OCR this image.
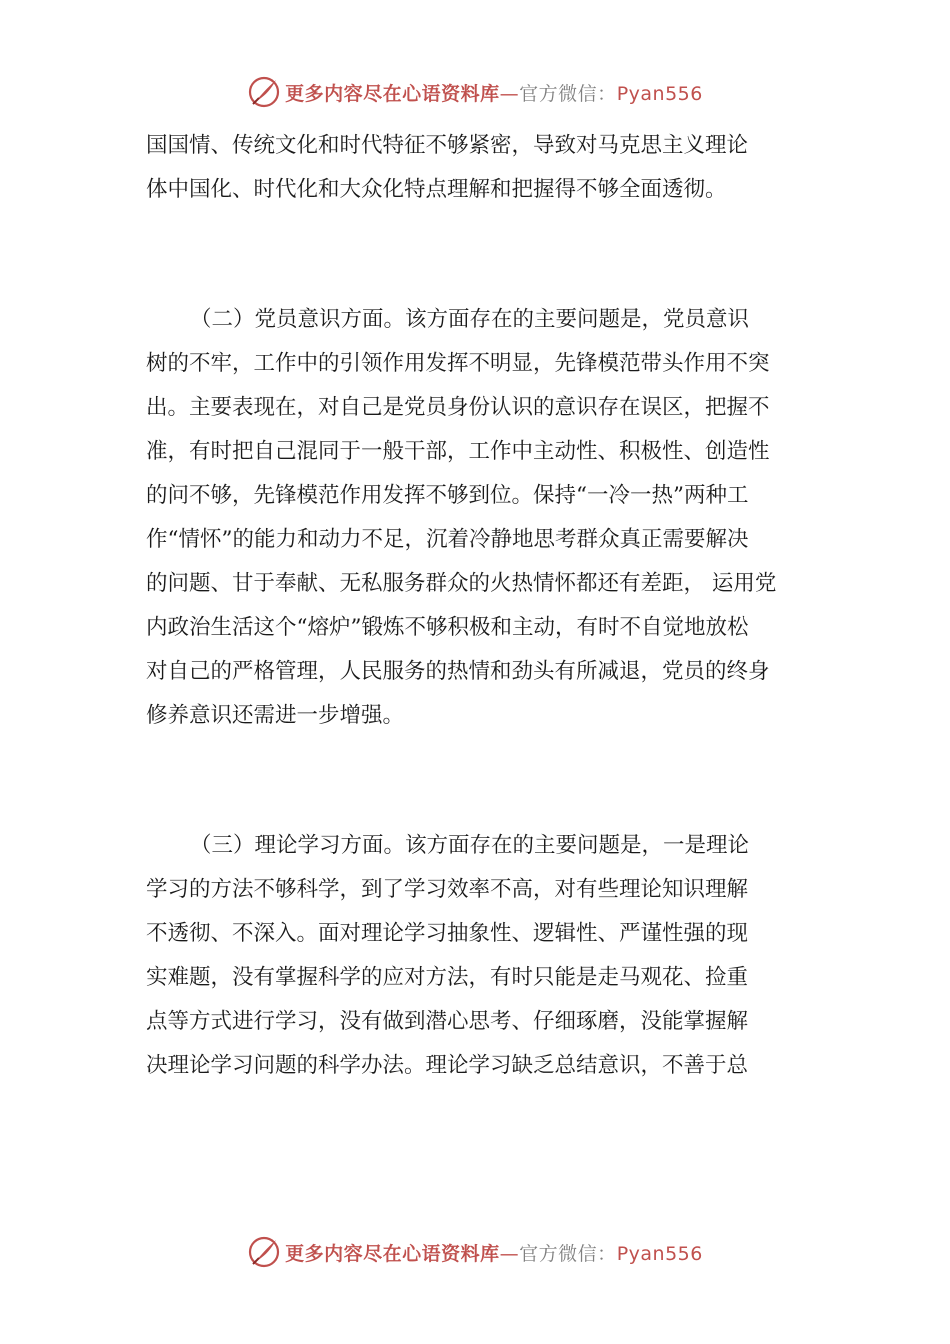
更多内容尽在心语资料库—官方微信：Pyan556
国国情、传统文化和时代特征不够紧密，导致对马克思主义理论
体中国化、时代化和大众化特点理解和把握得不够全面透彻。
（二）党员意识方面。该方面存在的主要问题是，党员意识
树的不牢，工作中的引领作用发挥不明显，先锋模范带头作用不突
出。主要表现在，对自己是党员身份认识的意识存在误区，把握不
准，有时把自己混同于一般干部，工作中主动性、积极性、创造性
的问不够，先锋模范作用发挥不够到位。保持“一冷一热”两种工
作“情怀”的能力和动力不足，沉着冷静地思考群众真正需要解决
的问题、甘于奉献、无私服务群众的火热情怀都还有差距， 运用党
内政治生活这个“熔炉”锻炼不够积极和主动，有时不自觉地放松
对自己的严格管理，人民服务的热情和劲头有所减退，党员的终身
修养意识还需进一步增强。
（三）理论学习方面。该方面存在的主要问题是，一是理论
学习的方法不够科学，到了学习效率不高，对有些理论知识理解
不透彻、不深入。面对理论学习抽象性、逻辑性、严谨性强的现
实难题，没有掌握科学的应对方法，有时只能是走马观花、捡重
点等方式进行学习，没有做到潜心思考、仔细琢磨，没能掌握解
决理论学习问题的科学办法。理论学习缺乏总结意识，不善于总
更多内容尽在心语资料库—官方微信：Pyan556
